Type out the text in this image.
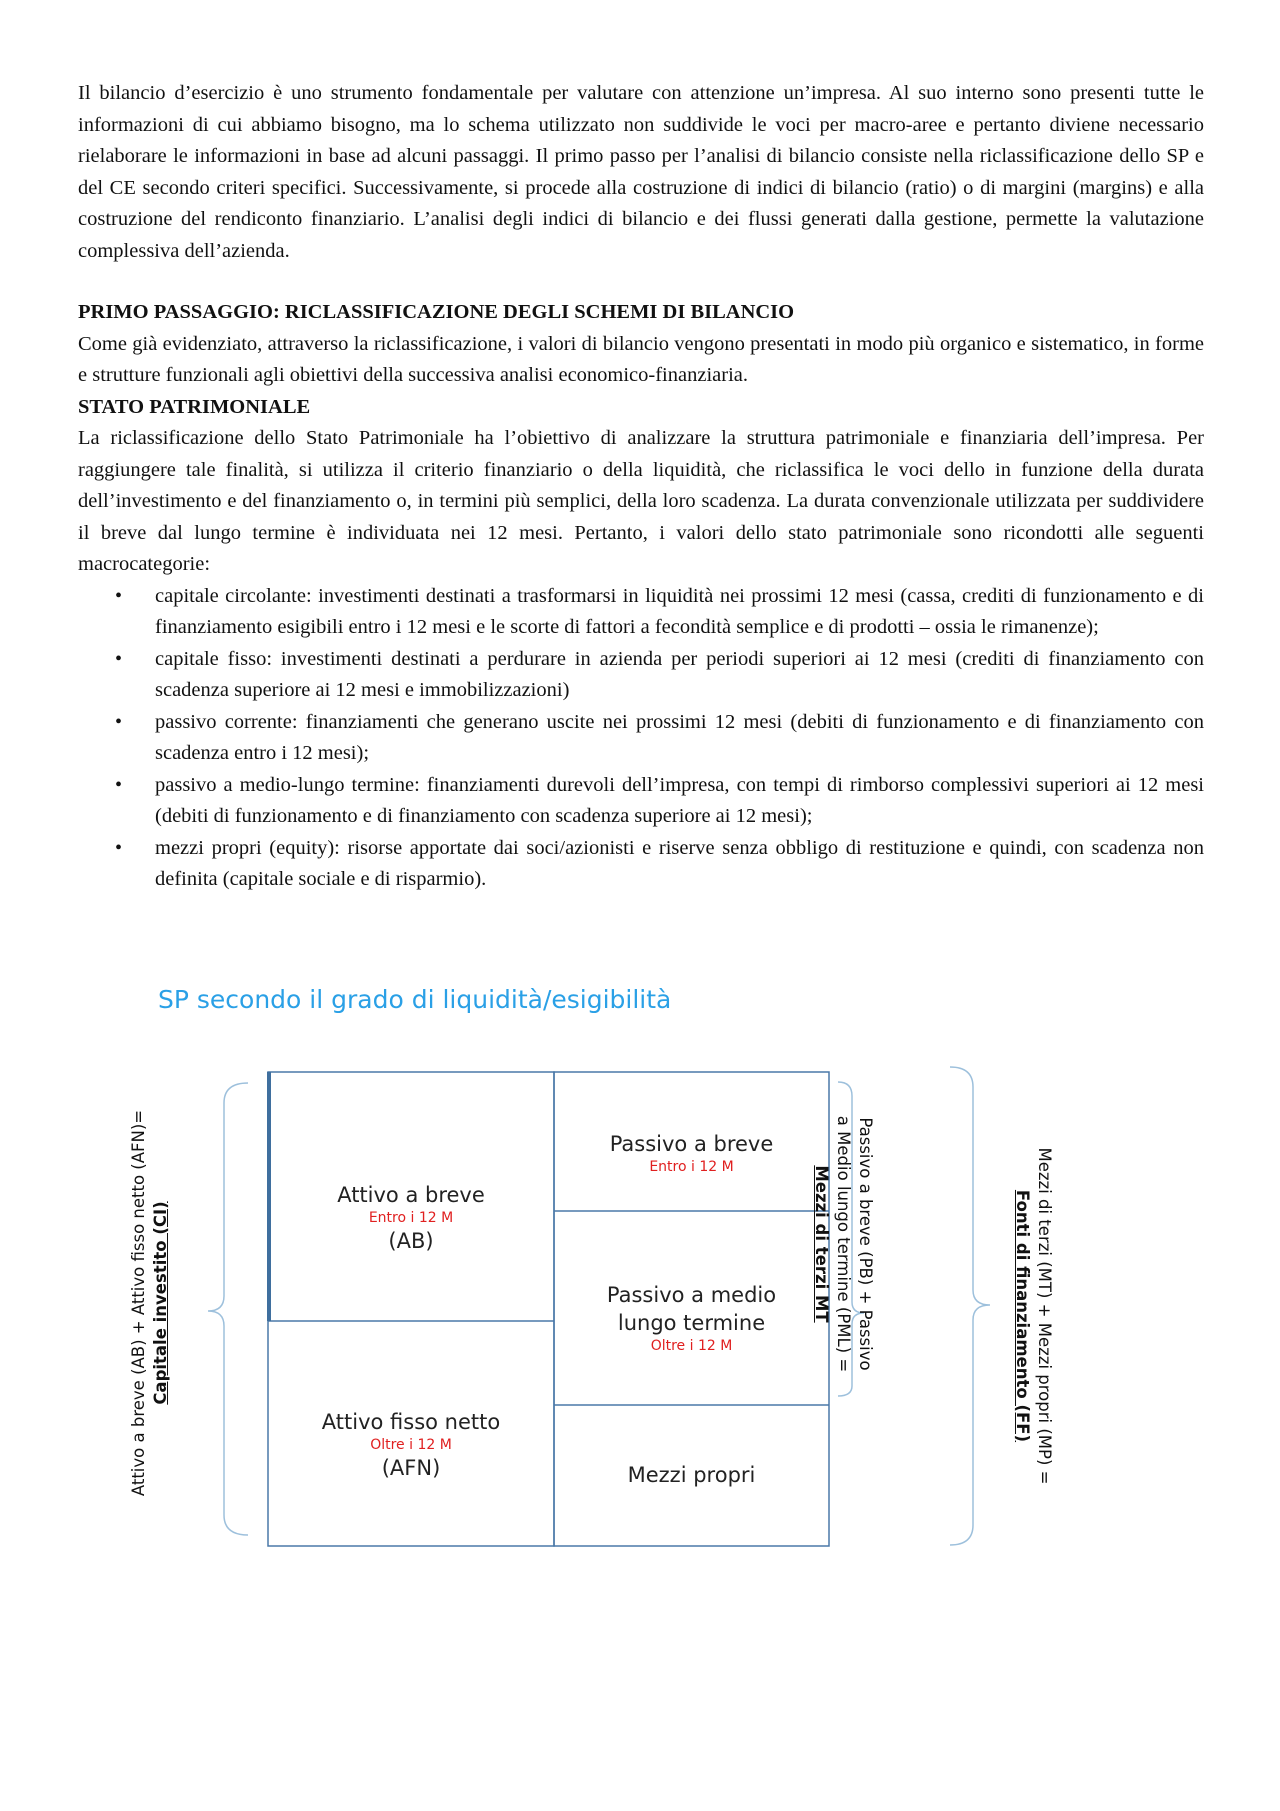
Il bilancio d’esercizio è uno strumento fondamentale per valutare con attenzione un’impresa. Al suo interno sono presenti tutte le informazioni di cui abbiamo bisogno, ma lo schema utilizzato non suddivide le voci per macro-aree e pertanto diviene necessario rielaborare le informazioni in base ad alcuni passaggi. Il primo passo per l’analisi di bilancio consiste nella riclassificazione dello SP e del CE secondo criteri specifici. Successivamente, si procede alla costruzione di indici di bilancio (ratio) o di margini (margins) e alla costruzione del rendiconto finanziario. L’analisi degli indici di bilancio e dei flussi generati dalla gestione, permette la valutazione complessiva dell’azienda.

PRIMO PASSAGGIO: RICLASSIFICAZIONE DEGLI SCHEMI DI BILANCIO

Come già evidenziato, attraverso la riclassificazione, i valori di bilancio vengono presentati in modo più organico e sistematico, in forme e strutture funzionali agli obiettivi della successiva analisi economico-finanziaria.

STATO PATRIMONIALE

La riclassificazione dello Stato Patrimoniale ha l’obiettivo di analizzare la struttura patrimoniale e finanziaria dell’impresa. Per raggiungere tale finalità, si utilizza il criterio finanziario o della liquidità, che riclassifica le voci dello in funzione della durata dell’investimento e del finanziamento o, in termini più semplici, della loro scadenza. La durata convenzionale utilizzata per suddividere il breve dal lungo termine è individuata nei 12 mesi. Pertanto, i valori dello stato patrimoniale sono ricondotti alle seguenti macrocategorie:

• capitale circolante: investimenti destinati a trasformarsi in liquidità nei prossimi 12 mesi (cassa, crediti di funzionamento e di finanziamento esigibili entro i 12 mesi e le scorte di fattori a fecondità semplice e di prodotti – ossia le rimanenze);
• capitale fisso: investimenti destinati a perdurare in azienda per periodi superiori ai 12 mesi (crediti di finanziamento con scadenza superiore ai 12 mesi e immobilizzazioni)
• passivo corrente: finanziamenti che generano uscite nei prossimi 12 mesi (debiti di funzionamento e di finanziamento con scadenza entro i 12 mesi);
• passivo a medio-lungo termine: finanziamenti durevoli dell’impresa, con tempi di rimborso complessivi superiori ai 12 mesi (debiti di funzionamento e di finanziamento con scadenza superiore ai 12 mesi);
• mezzi propri (equity): risorse apportate dai soci/azionisti e riserve senza obbligo di restituzione e quindi, con scadenza non definita (capitale sociale e di risparmio).

SP secondo il grado di liquidità/esigibilità

Attivo a breve
Entro i 12 M
(AB)
Attivo fisso netto
Oltre i 12 M
(AFN)
Passivo a breve
Entro i 12 M
Passivo a medio
lungo termine
Oltre i 12 M
Mezzi propri
Attivo a breve (AB) + Attivo fisso netto (AFN)= Capitale investito (CI)	Passivo a breve (PB) + Passivo
a Medio lungo termine (PML) =
Mezzi di terzi MT	Mezzi di terzi (MT) + Mezzi propri (MP) =
Fonti di finanziamento (FF)
